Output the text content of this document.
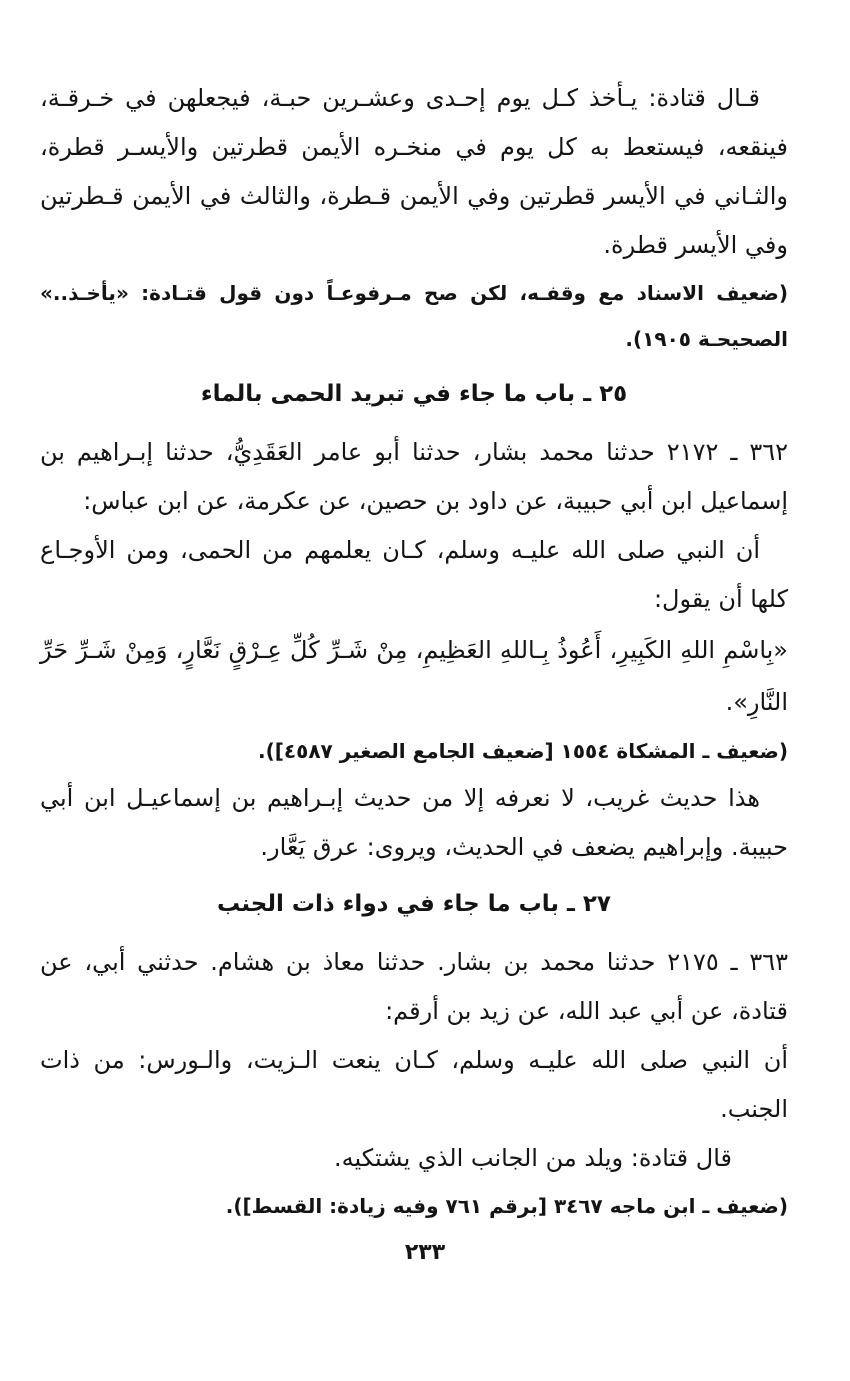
قـال قتادة: يـأخذ كـل يوم إحـدى وعشـرين حبـة، فيجعلهن في خـرقـة، فينقعه، فيستعط به كل يوم في منخـره الأيمن قطرتين والأيسـر قطرة، والثـاني في الأيسر قطرتين وفي الأيمن قـطرة، والثالث في الأيمن قـطرتين وفي الأيسر قطرة.

(ضعيف الاسناد مع وقفـه، لكن صح مـرفوعـاً دون قول قتـادة: «يأخـذ..» الصحيحـة ١٩٠٥).

٢٥ ـ باب ما جاء في تبريد الحمى بالماء

٣٦٢ ـ ٢١٧٢ حدثنا محمد بشار، حدثنا أبو عامر العَقَدِيُّ، حدثنا إبـراهيم بن إسماعيل ابن أبي حبيبة، عن داود بن حصين، عن عكرمة، عن ابن عباس:

أن النبي صلى الله عليـه وسلم، كـان يعلمهم من الحمى، ومن الأوجـاع كلها أن يقول:

«بِاسْمِ اللهِ الكَبِيرِ، أَعُوذُ بِـاللهِ العَظِيمِ، مِنْ شَـرِّ كُلِّ عِـرْقٍ نَعَّارٍ، وَمِنْ شَـرِّ حَرِّ النَّارِ».

(ضعيف ـ المشكاة ١٥٥٤ [ضعيف الجامع الصغير ٤٥٨٧]).

هذا حديث غريب، لا نعرفه إلا من حديث إبـراهيم بن إسماعيـل ابن أبي حبيبة. وإبراهيم يضعف في الحديث، ويروى: عرق يَعَّار.

٢٧ ـ باب ما جاء في دواء ذات الجنب

٣٦٣ ـ ٢١٧٥ حدثنا محمد بن بشار. حدثنا معاذ بن هشام. حدثني أبي، عن قتادة، عن أبي عبد الله، عن زيد بن أرقم:

أن النبي صلى الله عليـه وسلم، كـان ينعت الـزيت، والـورس: من ذات الجنب.

قال قتادة: ويلد من الجانب الذي يشتكيه.

(ضعيف ـ ابن ماجه ٣٤٦٧ [برقم ٧٦١ وفيه زيادة: القسط]).

٢٣٣
